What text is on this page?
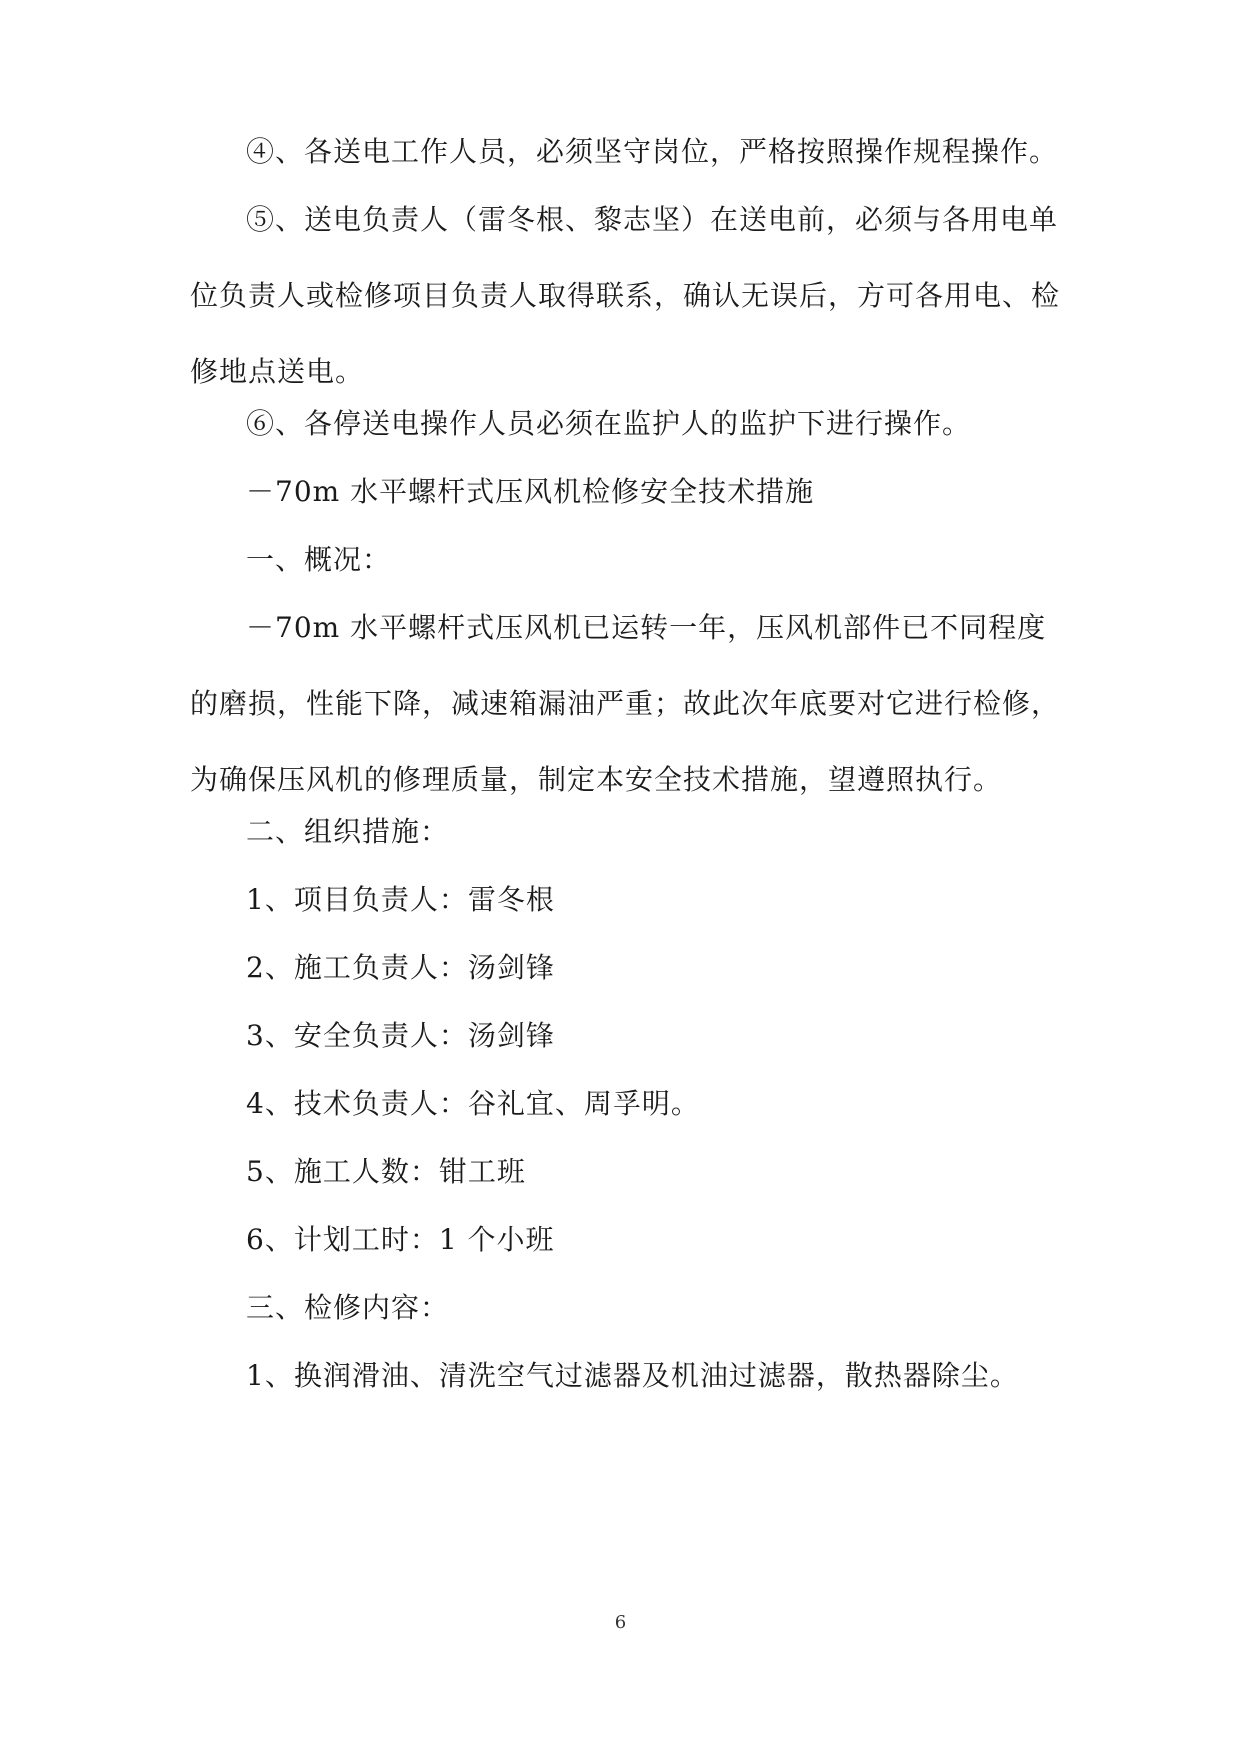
④、各送电工作人员，必须坚守岗位，严格按照操作规程操作。

⑤、送电负责人（雷冬根、黎志坚）在送电前，必须与各用电单位负责人或检修项目负责人取得联系，确认无误后，方可各用电、检修地点送电。

⑥、各停送电操作人员必须在监护人的监护下进行操作。

－70m 水平螺杆式压风机检修安全技术措施

一、概况：

－70m 水平螺杆式压风机已运转一年，压风机部件已不同程度的磨损，性能下降，减速箱漏油严重；故此次年底要对它进行检修，为确保压风机的修理质量，制定本安全技术措施，望遵照执行。

二、组织措施：

1、项目负责人：雷冬根

2、施工负责人：汤剑锋

3、安全负责人：汤剑锋

4、技术负责人：谷礼宜、周孚明。

5、施工人数：钳工班

6、计划工时：1 个小班

三、检修内容：

1、换润滑油、清洗空气过滤器及机油过滤器，散热器除尘。

6
